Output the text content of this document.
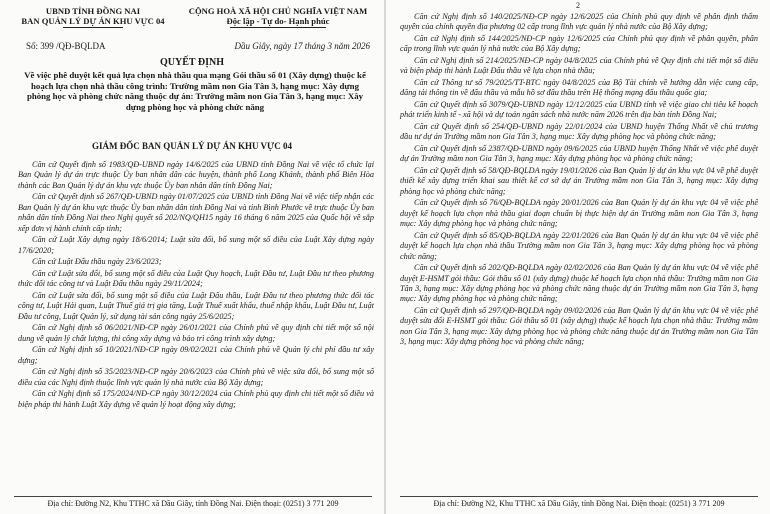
UBND TỈNH ĐỒNG NAI
BAN QUẢN LÝ DỰ ÁN KHU VỰC 04
CỘNG HOÀ XÃ HỘI CHỦ NGHĨA VIỆT NAM
Độc lập - Tự do- Hạnh phúc
Số: 399 /QĐ-BQLDA	Dầu Giây, ngày 17 tháng 3 năm 2026
QUYẾT ĐỊNH
Về việc phê duyệt kết quả lựa chọn nhà thầu qua mạng Gói thầu số 01 (Xây dựng) thuộc kế hoạch lựa chọn nhà thầu công trình: Trường mầm non Gia Tân 3, hạng mục: Xây dựng phòng học và phòng chức năng thuộc dự án: Trường mầm non Gia Tân 3, hạng mục: Xây dựng phòng học và phòng chức năng
GIÁM ĐỐC BAN QUẢN LÝ DỰ ÁN KHU VỰC 04

Căn cứ Quyết định số 1983/QĐ-UBND ngày 14/6/2025 của UBND tỉnh Đồng Nai về việc tổ chức lại Ban Quản lý dự án trực thuộc Ủy ban nhân dân các huyện, thành phố Long Khánh, thành phố Biên Hòa thành các Ban Quản lý dự án khu vực thuộc Ủy ban nhân dân tỉnh Đồng Nai;

Căn cứ Quyết định số 267/QĐ-UBND ngày 01/07/2025 của UBND tỉnh Đồng Nai về việc tiếp nhận các Ban Quản lý dự án khu vực thuộc Ủy ban nhân dân tỉnh Đồng Nai và tỉnh Bình Phước về trực thuộc Ủy ban nhân dân tỉnh Đồng Nai theo Nghị quyết số 202/NQ/QH15 ngày 16 tháng 6 năm 2025 của Quốc hội về sắp xếp đơn vị hành chính cấp tỉnh;

Căn cứ Luật Xây dựng ngày 18/6/2014; Luật sửa đổi, bổ sung một số điều của Luật Xây dựng ngày 17/6/2020;

Căn cứ Luật Đấu thầu ngày 23/6/2023;

Căn cứ Luật sửa đổi, bổ sung một số điều của Luật Quy hoạch, Luật Đầu tư, Luật Đầu tư theo phương thức đối tác công tư và Luật Đấu thầu ngày 29/11/2024;

Căn cứ Luật sửa đổi, bổ sung một số điều của Luật Đấu thầu, Luật Đầu tư theo phương thức đối tác công tư, Luật Hải quan, Luật Thuế giá trị gia tăng, Luật Thuế xuất khẩu, thuế nhập khẩu, Luật Đầu tư, Luật Đầu tư công, Luật Quản lý, sử dụng tài sản công ngày 25/6/2025;

Căn cứ Nghị định số 06/2021/NĐ-CP ngày 26/01/2021 của Chính phủ về quy định chi tiết một số nội dung về quản lý chất lượng, thi công xây dựng và bảo trì công trình xây dựng;

Căn cứ Nghị định số 10/2021/NĐ-CP ngày 09/02/2021 của Chính phủ về Quản lý chi phí đầu tư xây dựng;

Căn cứ Nghị định số 35/2023/NĐ-CP ngày 20/6/2023 của Chính phủ về việc sửa đổi, bổ sung một số điều của các Nghị định thuộc lĩnh vực quản lý nhà nước của Bộ Xây dựng;

Căn cứ Nghị định số 175/2024/NĐ-CP ngày 30/12/2024 của Chính phủ quy định chi tiết một số điều và biện pháp thi hành Luật Xây dựng về quản lý hoạt động xây dựng;

Địa chỉ: Đường N2, Khu TTHC xã Dầu Giây, tỉnh Đồng Nai. Điện thoại: (0251) 3 771 209
2

Căn cứ Nghị định số 140/2025/NĐ-CP ngày 12/6/2025 của Chính phủ quy định về phân định thẩm quyền của chính quyền địa phương 02 cấp trong lĩnh vực quản lý nhà nước của Bộ Xây dựng;

Căn cứ Nghị định số 144/2025/NĐ-CP ngày 12/6/2025 của Chính phủ quy định về phân quyền, phân cấp trong lĩnh vực quản lý nhà nước của Bộ Xây dựng;

Căn cứ Nghị định số 214/2025/NĐ-CP ngày 04/8/2025 của Chính phủ về Quy định chi tiết một số điều và biện pháp thi hành Luật Đấu thầu về lựa chọn nhà thầu;

Căn cứ Thông tư số 79/2025/TT-BTC ngày 04/8/2025 của Bộ Tài chính về hướng dẫn việc cung cấp, đăng tải thông tin về đấu thầu và mẫu hồ sơ đấu thầu trên Hệ thống mạng đấu thầu quốc gia;

Căn cứ Quyết định số 3079/QĐ-UBND ngày 12/12/2025 của UBND tỉnh về việc giao chi tiêu kế hoạch phát triển kinh tế - xã hội và dự toán ngân sách nhà nước năm 2026 trên địa bàn tỉnh Đồng Nai;

Căn cứ Quyết định số 254/QĐ-UBND ngày 22/01/2024 của UBND huyện Thống Nhất về chủ trương đầu tư dự án Trường mầm non Gia Tân 3, hạng mục: Xây dựng phòng học và phòng chức năng;

Căn cứ Quyết định số 2387/QĐ-UBND ngày 09/6/2025 của UBND huyện Thống Nhất về việc phê duyệt dự án Trường mầm non Gia Tân 3, hạng mục: Xây dựng phòng học và phòng chức năng;

Căn cứ Quyết định số 58/QĐ-BQLDA ngày 19/01/2026 của Ban Quản lý dự án khu vực 04 về phê duyệt thiết kế xây dựng triển khai sau thiết kế cơ sở dự án Trường mầm non Gia Tân 3, hạng mục: Xây dựng phòng học và phòng chức năng;

Căn cứ Quyết định số 76/QĐ-BQLDA ngày 20/01/2026 của Ban Quản lý dự án khu vực 04 về việc phê duyệt kế hoạch lựa chọn nhà thầu giai đoạn chuẩn bị thực hiện dự án Trường mầm non Gia Tân 3, hạng mục: Xây dựng phòng học và phòng chức năng;

Căn cứ Quyết định số 85/QĐ-BQLDA ngày 22/01/2026 của Ban Quản lý dự án khu vực 04 về việc phê duyệt kế hoạch lựa chọn nhà thầu Trường mầm non Gia Tân 3, hạng mục: Xây dựng phòng học và phòng chức năng;

Căn cứ Quyết định số 202/QĐ-BQLDA ngày 02/02/2026 của Ban Quản lý dự án khu vực 04 về việc phê duyệt E-HSMT gói thầu: Gói thầu số 01 (xây dựng) thuộc kế hoạch lựa chọn nhà thầu: Trường mầm non Gia Tân 3, hạng mục: Xây dựng phòng học và phòng chức năng thuộc dự án Trường mầm non Gia Tân 3, hạng mục: Xây dựng phòng học và phòng chức năng;

Căn cứ Quyết định số 297/QĐ-BQLDA ngày 09/02/2026 của Ban Quản lý dự án khu vực 04 về việc phê duyệt sửa đổi E-HSMT gói thầu: Gói thầu số 01 (xây dựng) thuộc kế hoạch lựa chọn nhà thầu: Trường mầm non Gia Tân 3, hạng mục: Xây dựng phòng học và phòng chức năng thuộc dự án Trường mầm non Gia Tân 3, hạng mục: Xây dựng phòng học và phòng chức năng;

Địa chỉ: Đường N2, Khu TTHC xã Dầu Giây, tỉnh Đồng Nai. Điện thoại: (0251) 3 771 209
